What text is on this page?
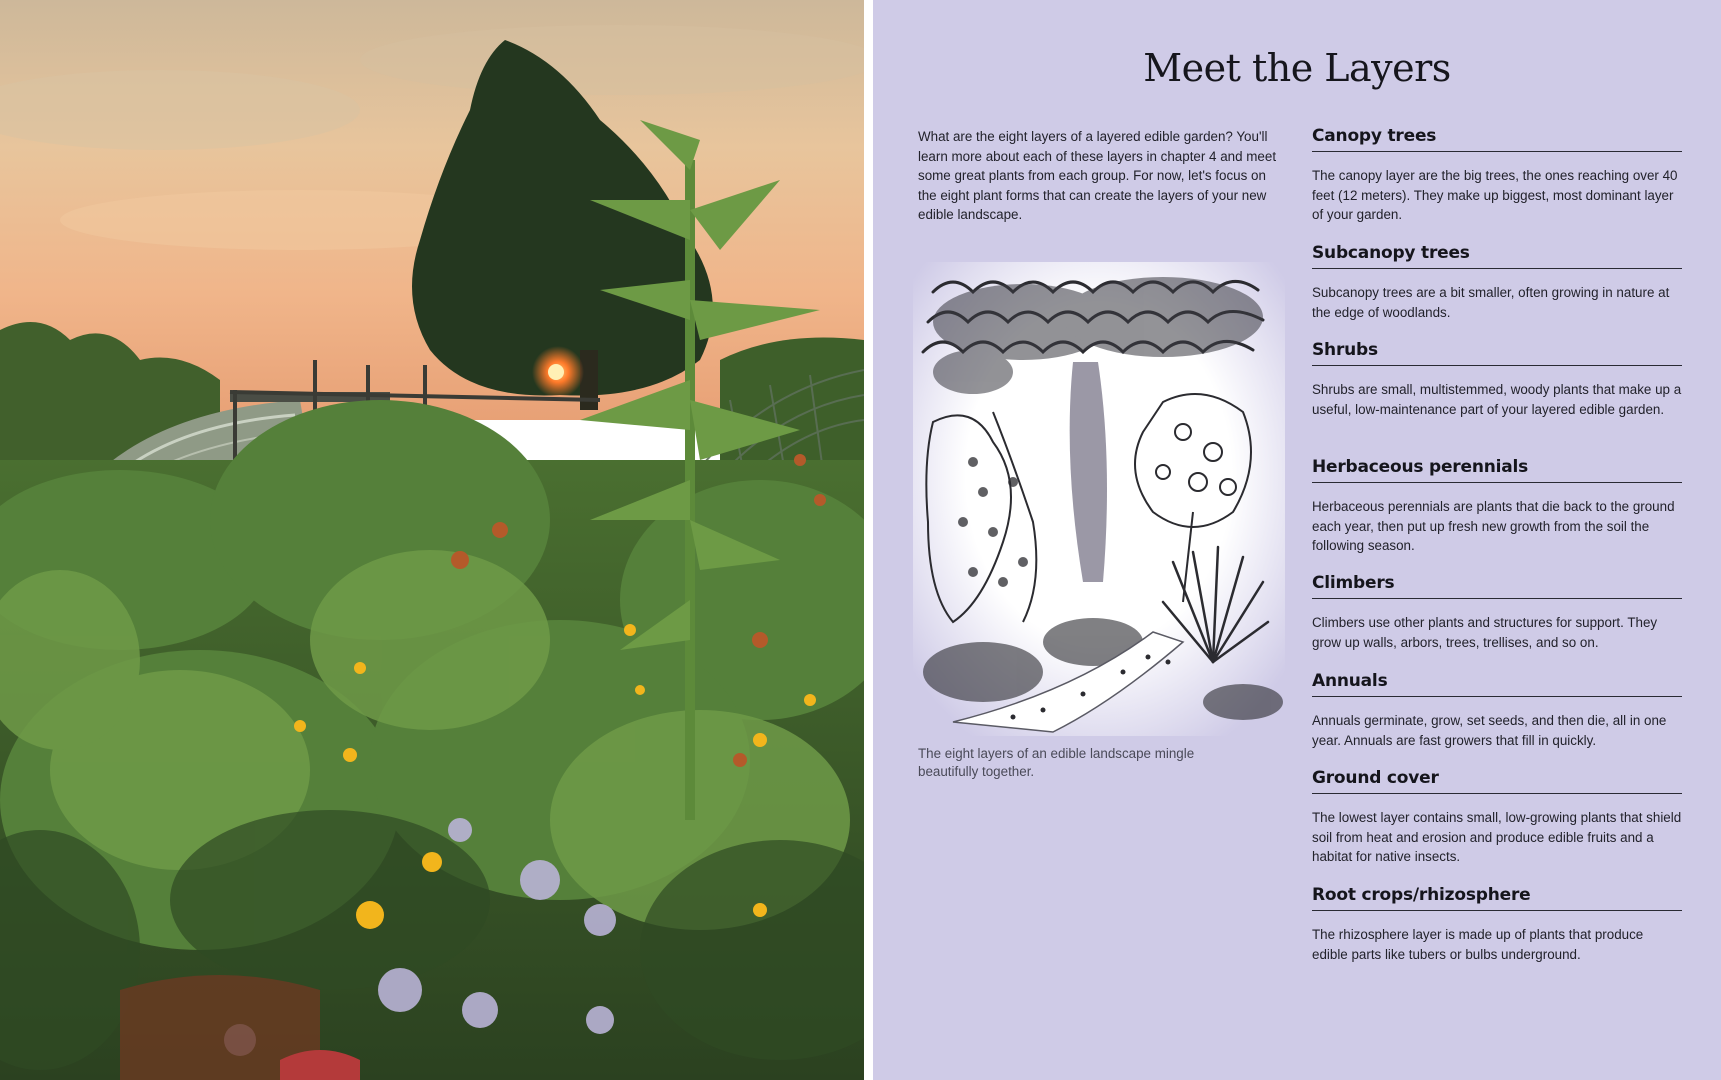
Meet the Layers

What are the eight layers of a layered edible garden? You'll learn more about each of these layers in chapter 4 and meet some great plants from each group. For now, let's focus on the eight plant forms that can create the layers of your new edible landscape.

The eight layers of an edible landscape mingle beautifully together.

Canopy trees

The canopy layer are the big trees, the ones reaching over 40 feet (12 meters). They make up biggest, most dominant layer of your garden.

Subcanopy trees

Subcanopy trees are a bit smaller, often growing in nature at the edge of woodlands.

Shrubs

Shrubs are small, multistemmed, woody plants that make up a useful, low-maintenance part of your layered edible garden.

Herbaceous perennials

Herbaceous perennials are plants that die back to the ground each year, then put up fresh new growth from the soil the following season.

Climbers

Climbers use other plants and structures for support. They grow up walls, arbors, trees, trellises, and so on.

Annuals

Annuals germinate, grow, set seeds, and then die, all in one year. Annuals are fast growers that fill in quickly.

Ground cover

The lowest layer contains small, low-growing plants that shield soil from heat and erosion and produce edible fruits and a habitat for native insects.

Root crops/rhizosphere

The rhizosphere layer is made up of plants that produce edible parts like tubers or bulbs underground.
